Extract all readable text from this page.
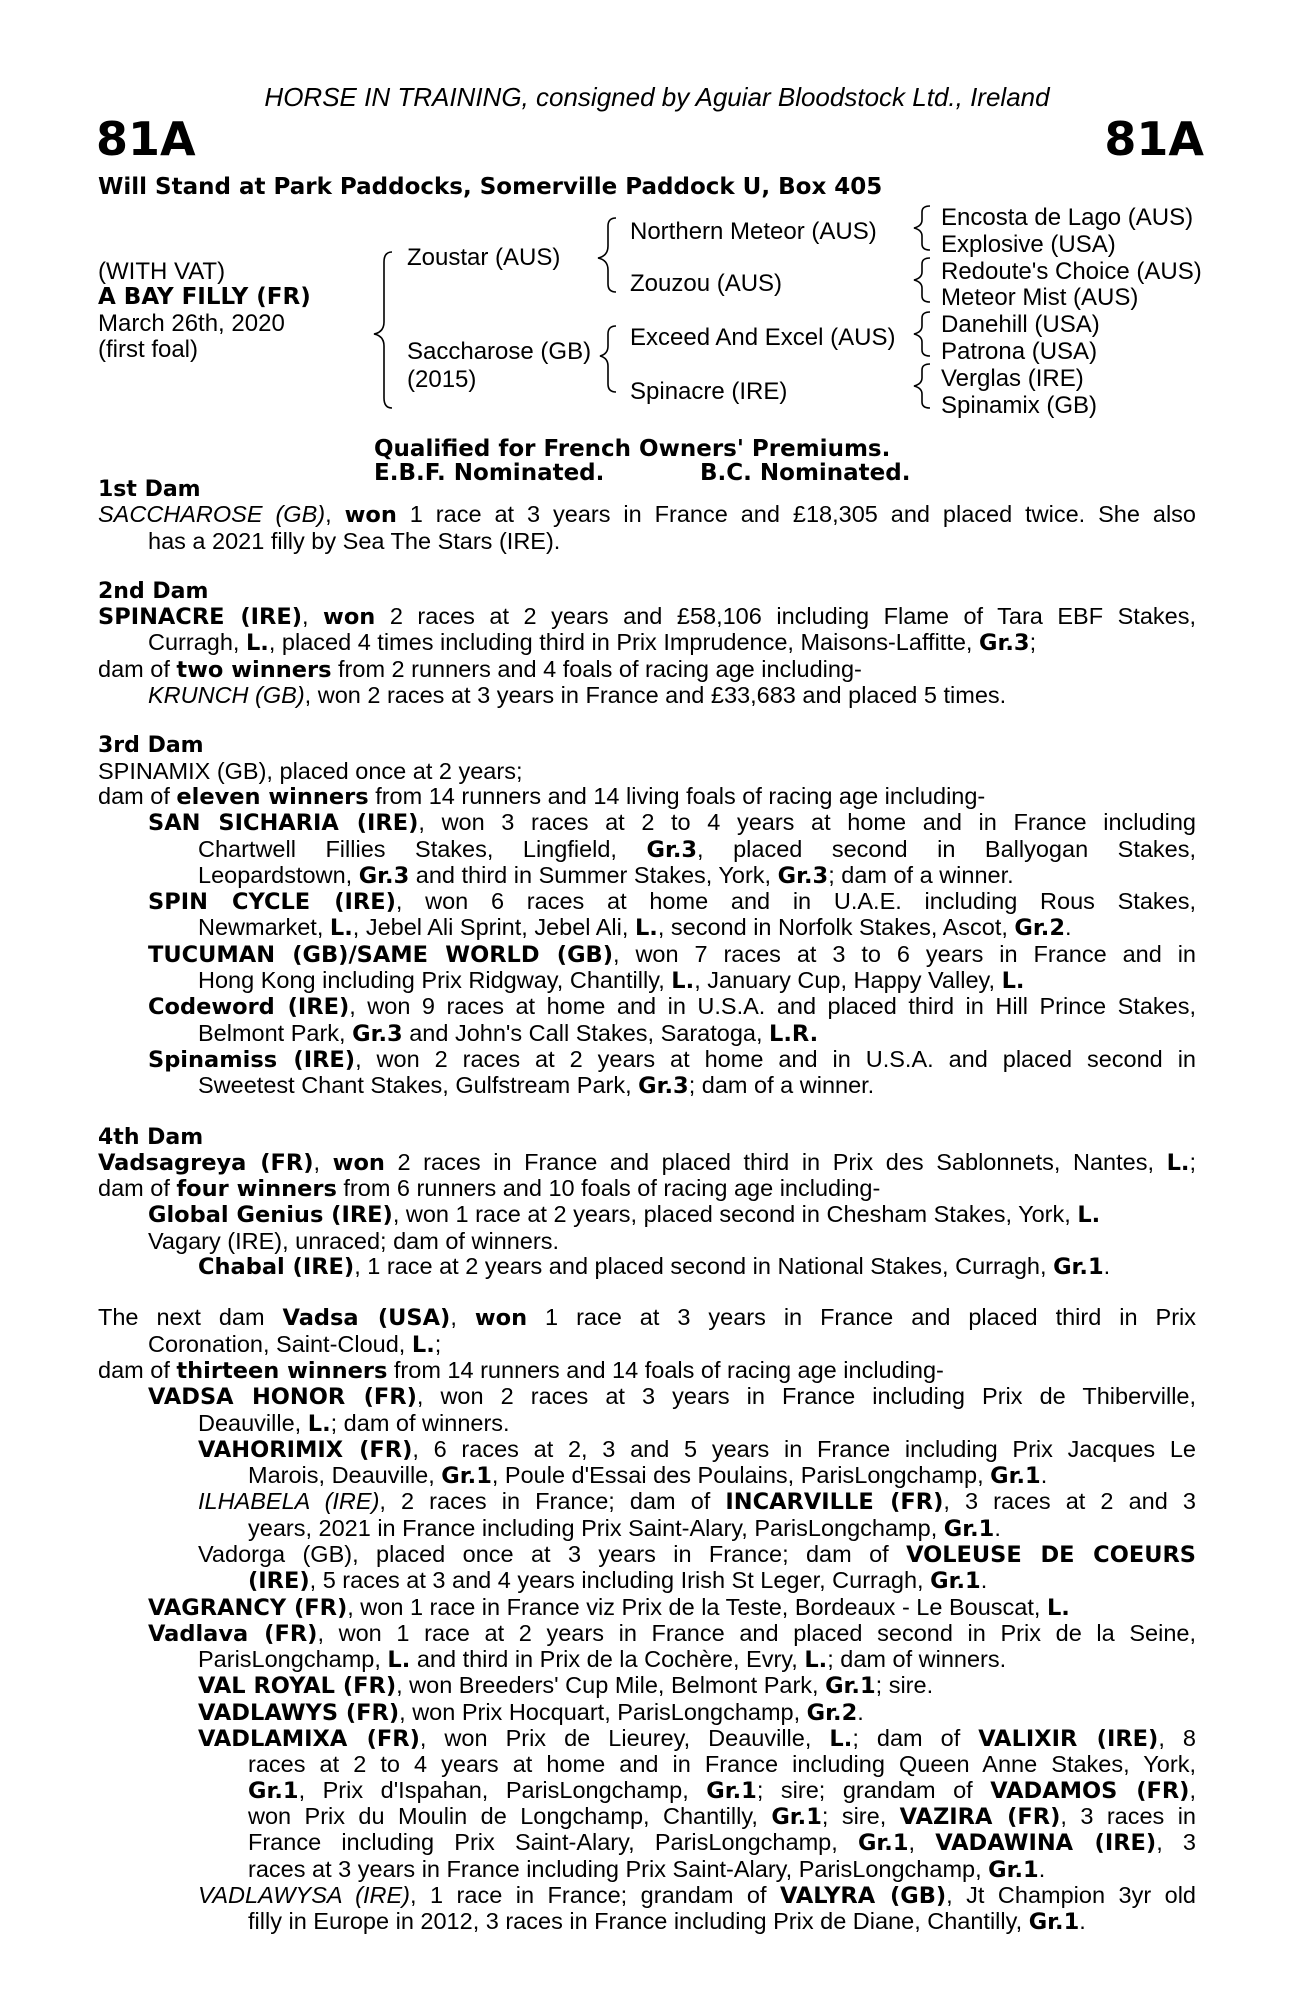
HORSE IN TRAINING, consigned by Aguiar Bloodstock Ltd., Ireland
81A	81A
Will Stand at Park Paddocks, Somerville Paddock U, Box 405
(WITH VAT)
A BAY FILLY (FR)
March 26th, 2020
(first foal)
Zoustar (AUS)
Saccharose (GB)
(2015)
Northern Meteor (AUS)
Zouzou (AUS)
Exceed And Excel (AUS)
Spinacre (IRE)
Encosta de Lago (AUS)
Explosive (USA)
Redoute's Choice (AUS)
Meteor Mist (AUS)
Danehill (USA)
Patrona (USA)
Verglas (IRE)
Spinamix (GB)
Qualified for French Owners' Premiums.
E.B.F. Nominated.	B.C. Nominated.
1st Dam
SACCHAROSE (GB), won 1 race at 3 years in France and £18,305 and placed twice. She also
has a 2021 filly by Sea The Stars (IRE).
2nd Dam
SPINACRE (IRE), won 2 races at 2 years and £58,106 including Flame of Tara EBF Stakes,
Curragh, L., placed 4 times including third in Prix Imprudence, Maisons-Laffitte, Gr.3;
dam of two winners from 2 runners and 4 foals of racing age including-
KRUNCH (GB), won 2 races at 3 years in France and £33,683 and placed 5 times.
3rd Dam
SPINAMIX (GB), placed once at 2 years;
dam of eleven winners from 14 runners and 14 living foals of racing age including-
SAN SICHARIA (IRE), won 3 races at 2 to 4 years at home and in France including
Chartwell Fillies Stakes, Lingfield, Gr.3, placed second in Ballyogan Stakes,
Leopardstown, Gr.3 and third in Summer Stakes, York, Gr.3; dam of a winner.
SPIN CYCLE (IRE), won 6 races at home and in U.A.E. including Rous Stakes,
Newmarket, L., Jebel Ali Sprint, Jebel Ali, L., second in Norfolk Stakes, Ascot, Gr.2.
TUCUMAN (GB)/SAME WORLD (GB), won 7 races at 3 to 6 years in France and in
Hong Kong including Prix Ridgway, Chantilly, L., January Cup, Happy Valley, L.
Codeword (IRE), won 9 races at home and in U.S.A. and placed third in Hill Prince Stakes,
Belmont Park, Gr.3 and John's Call Stakes, Saratoga, L.R.
Spinamiss (IRE), won 2 races at 2 years at home and in U.S.A. and placed second in
Sweetest Chant Stakes, Gulfstream Park, Gr.3; dam of a winner.
4th Dam
Vadsagreya (FR), won 2 races in France and placed third in Prix des Sablonnets, Nantes, L.;
dam of four winners from 6 runners and 10 foals of racing age including-
Global Genius (IRE), won 1 race at 2 years, placed second in Chesham Stakes, York, L.
Vagary (IRE), unraced; dam of winners.
Chabal (IRE), 1 race at 2 years and placed second in National Stakes, Curragh, Gr.1.
The next dam Vadsa (USA), won 1 race at 3 years in France and placed third in Prix
Coronation, Saint-Cloud, L.;
dam of thirteen winners from 14 runners and 14 foals of racing age including-
VADSA HONOR (FR), won 2 races at 3 years in France including Prix de Thiberville,
Deauville, L.; dam of winners.
VAHORIMIX (FR), 6 races at 2, 3 and 5 years in France including Prix Jacques Le
Marois, Deauville, Gr.1, Poule d'Essai des Poulains, ParisLongchamp, Gr.1.
ILHABELA (IRE), 2 races in France; dam of INCARVILLE (FR), 3 races at 2 and 3
years, 2021 in France including Prix Saint-Alary, ParisLongchamp, Gr.1.
Vadorga (GB), placed once at 3 years in France; dam of VOLEUSE DE COEURS
(IRE), 5 races at 3 and 4 years including Irish St Leger, Curragh, Gr.1.
VAGRANCY (FR), won 1 race in France viz Prix de la Teste, Bordeaux - Le Bouscat, L.
Vadlava (FR), won 1 race at 2 years in France and placed second in Prix de la Seine,
ParisLongchamp, L. and third in Prix de la Cochère, Evry, L.; dam of winners.
VAL ROYAL (FR), won Breeders' Cup Mile, Belmont Park, Gr.1; sire.
VADLAWYS (FR), won Prix Hocquart, ParisLongchamp, Gr.2.
VADLAMIXA (FR), won Prix de Lieurey, Deauville, L.; dam of VALIXIR (IRE), 8
races at 2 to 4 years at home and in France including Queen Anne Stakes, York,
Gr.1, Prix d'Ispahan, ParisLongchamp, Gr.1; sire; grandam of VADAMOS (FR),
won Prix du Moulin de Longchamp, Chantilly, Gr.1; sire, VAZIRA (FR), 3 races in
France including Prix Saint-Alary, ParisLongchamp, Gr.1, VADAWINA (IRE), 3
races at 3 years in France including Prix Saint-Alary, ParisLongchamp, Gr.1.
VADLAWYSA (IRE), 1 race in France; grandam of VALYRA (GB), Jt Champion 3yr old
filly in Europe in 2012, 3 races in France including Prix de Diane, Chantilly, Gr.1.
